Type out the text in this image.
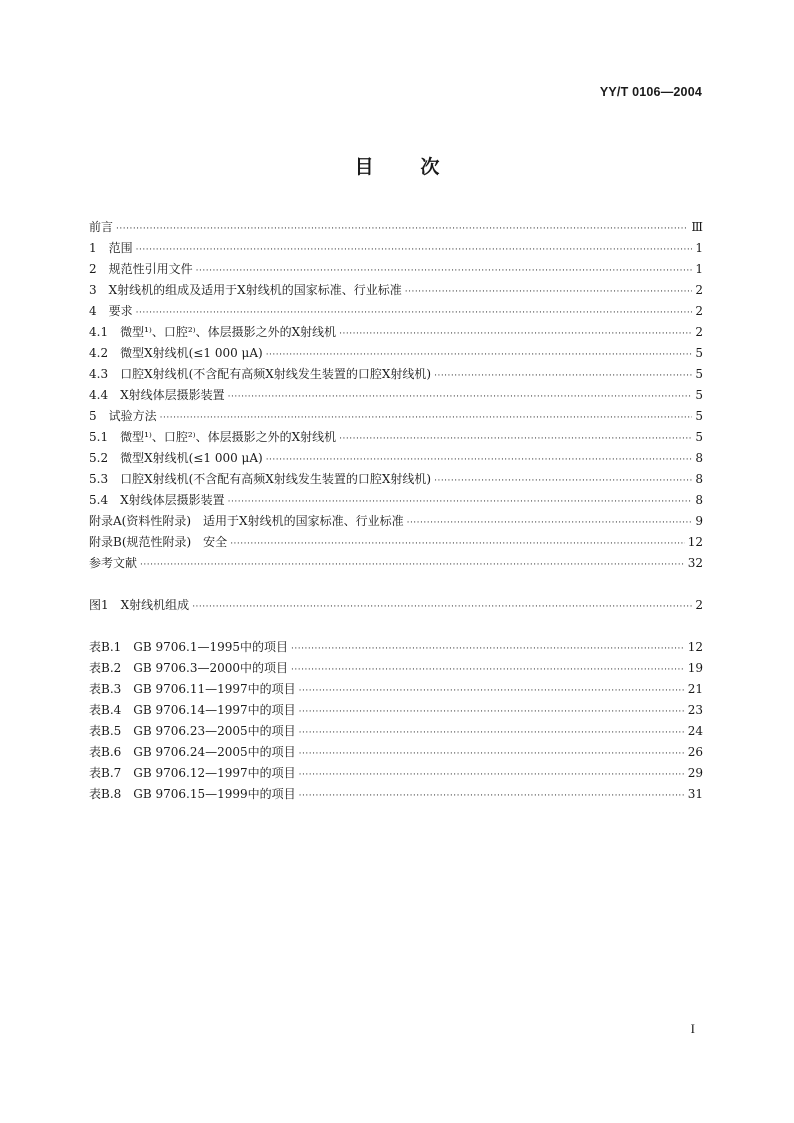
YY/T 0106—2004
目 次
前言 ·····	Ⅲ
1　范围 ·····	1
2　规范性引用文件 ·····	1
3　X射线机的组成及适用于X射线机的国家标准、行业标准 ·····	2
4　要求 ·····	2
4.1　微型¹⁾、口腔²⁾、体层摄影之外的X射线机 ·····	2
4.2　微型X射线机(≤1 000 μA) ·····	5
4.3　口腔X射线机(不含配有高频X射线发生装置的口腔X射线机) ·····	5
4.4　X射线体层摄影装置 ·····	5
5　试验方法 ·····	5
5.1　微型¹⁾、口腔²⁾、体层摄影之外的X射线机 ·····	5
5.2　微型X射线机(≤1 000 μA) ·····	8
5.3　口腔X射线机(不含配有高频X射线发生装置的口腔X射线机) ·····	8
5.4　X射线体层摄影装置 ·····	8
附录A(资料性附录)　适用于X射线机的国家标准、行业标准 ·····	9
附录B(规范性附录)　安全 ·····	12
参考文献 ·····	32
图1　X射线机组成 ·····	2
表B.1　GB 9706.1—1995中的项目 ·····	12
表B.2　GB 9706.3—2000中的项目 ·····	19
表B.3　GB 9706.11—1997中的项目 ·····	21
表B.4　GB 9706.14—1997中的项目 ·····	23
表B.5　GB 9706.23—2005中的项目 ·····	24
表B.6　GB 9706.24—2005中的项目 ·····	26
表B.7　GB 9706.12—1997中的项目 ·····	29
表B.8　GB 9706.15—1999中的项目 ·····	31
I
